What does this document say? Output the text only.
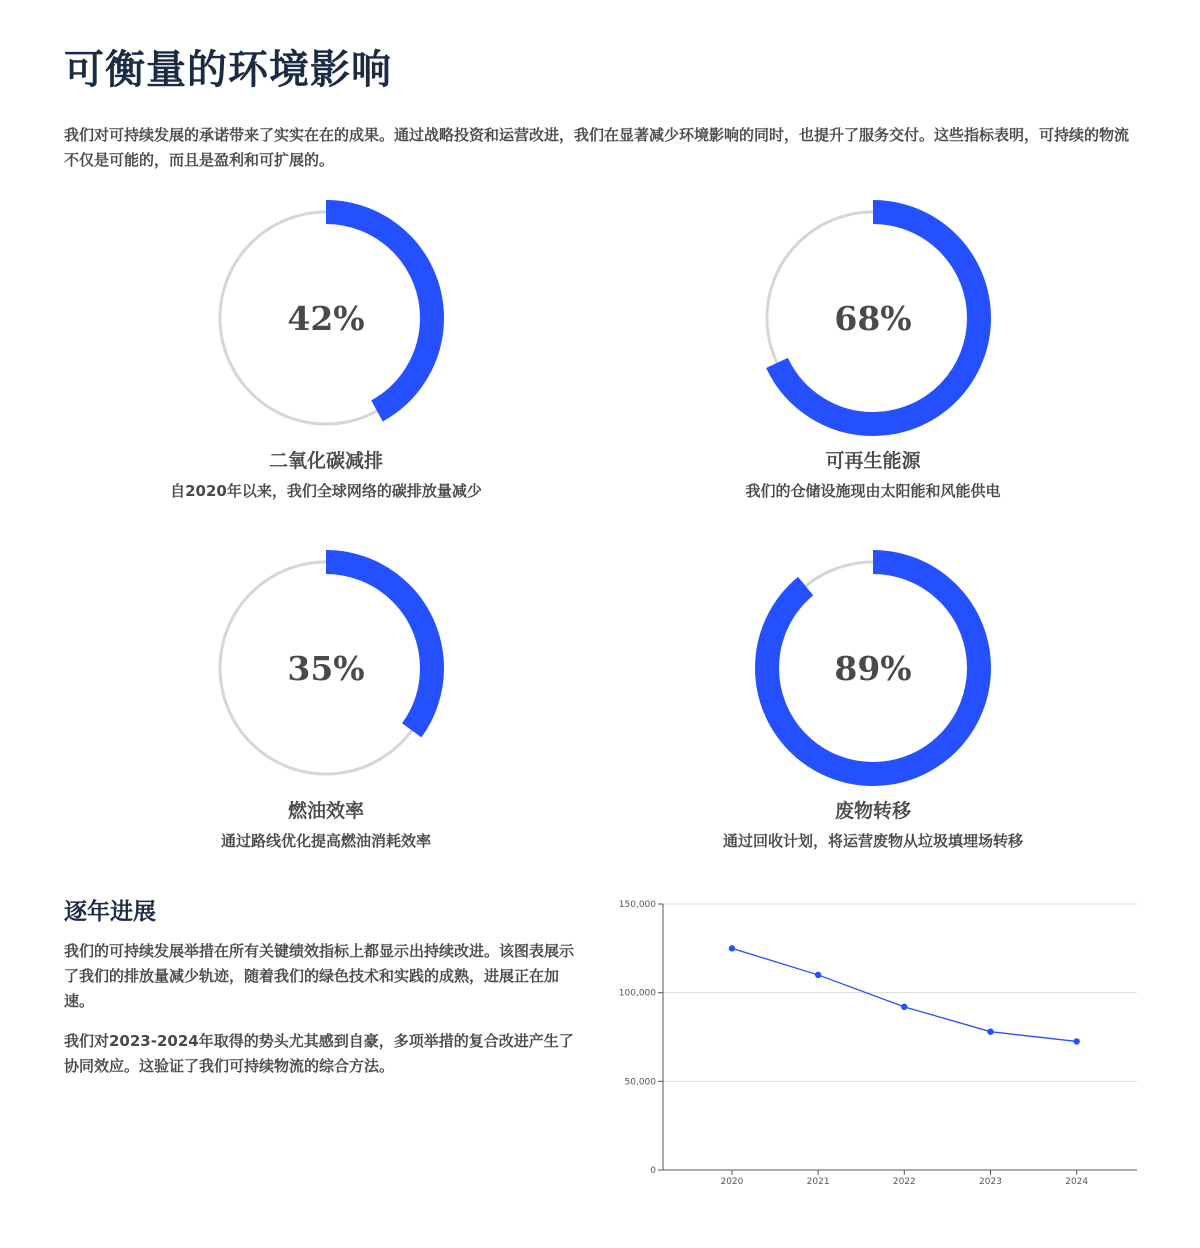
可衡量的环境影响

我们对可持续发展的承诺带来了实实在在的成果。通过战略投资和运营改进，我们在显著减少环境影响的同时，也提升了服务交付。这些指标表明，可持续的物流不仅是可能的，而且是盈利和可扩展的。

42%

二氧化碳减排

自2020年以来，我们全球网络的碳排放量减少

68%

可再生能源

我们的仓储设施现由太阳能和风能供电

35%

燃油效率

通过路线优化提高燃油消耗效率

89%

废物转移

通过回收计划，将运营废物从垃圾填埋场转移

逐年进展

我们的可持续发展举措在所有关键绩效指标上都显示出持续改进。该图表展示了我们的排放量减少轨迹，随着我们的绿色技术和实践的成熟，进展正在加速。

我们对2023-2024年取得的势头尤其感到自豪，多项举措的复合改进产生了协同效应。这验证了我们可持续物流的综合方法。

0
50,000
100,000
150,000
2020	2021	2022	2023	2024
